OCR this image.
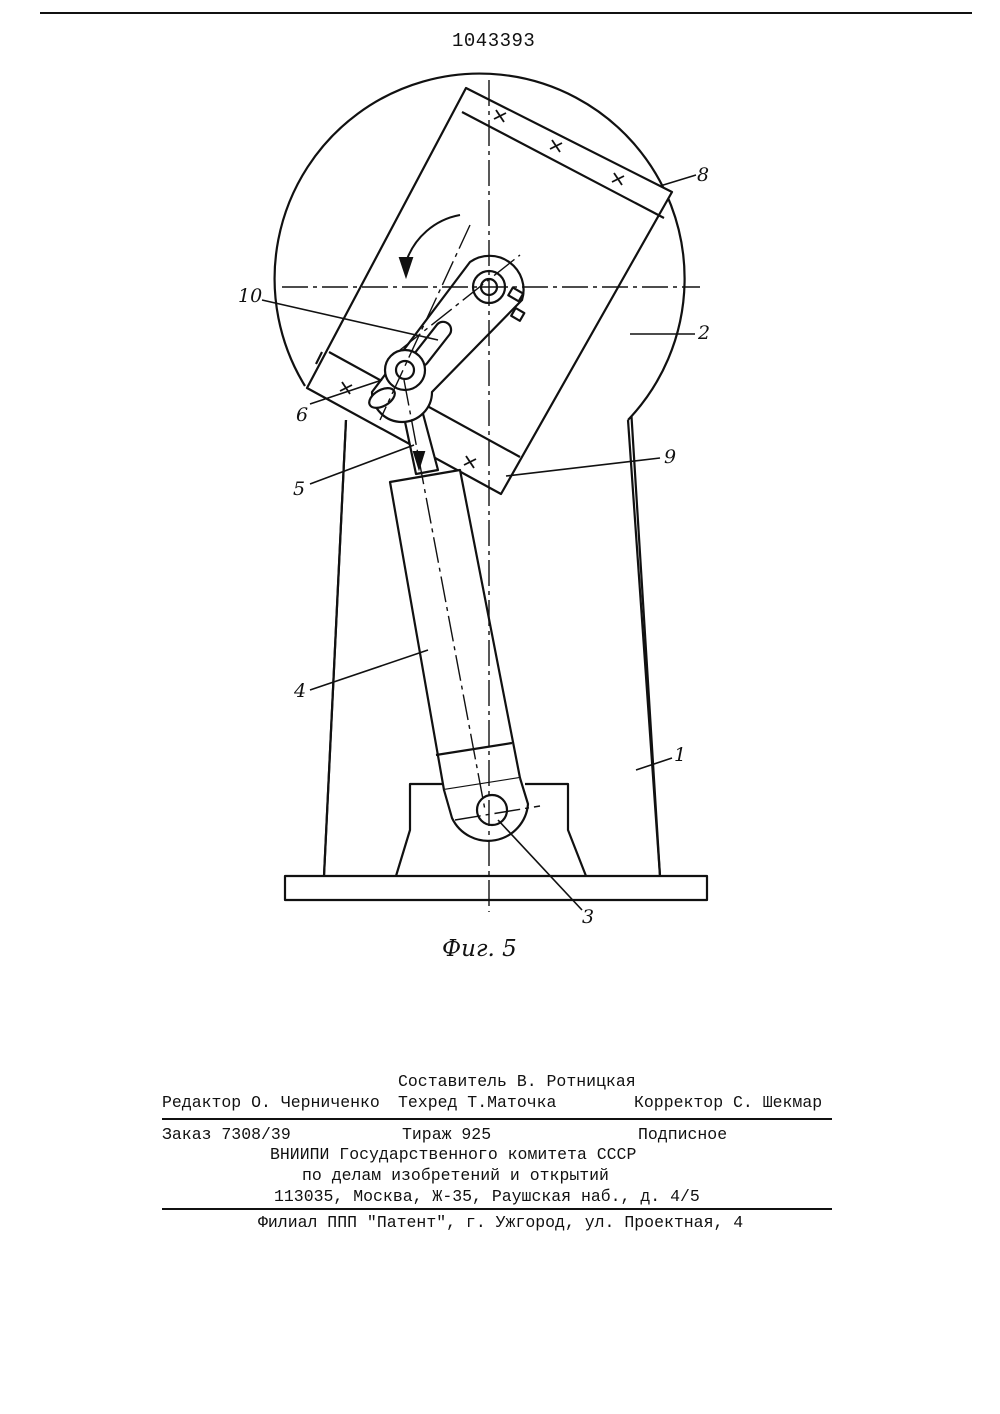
1043393
8
2
10
6
5
9
4
1
3
Фиг. 5
Составитель В. Ротницкая
Редактор О. Черниченко Техред Т.Маточка	Корректор С. Шекмар
Заказ 7308/39	Тираж 925	Подписное
ВНИИПИ Государственного комитета СССР
по делам изобретений и открытий
113035, Москва, Ж-35, Раушская наб., д. 4/5
Филиал ППП "Патент", г. Ужгород, ул. Проектная, 4
